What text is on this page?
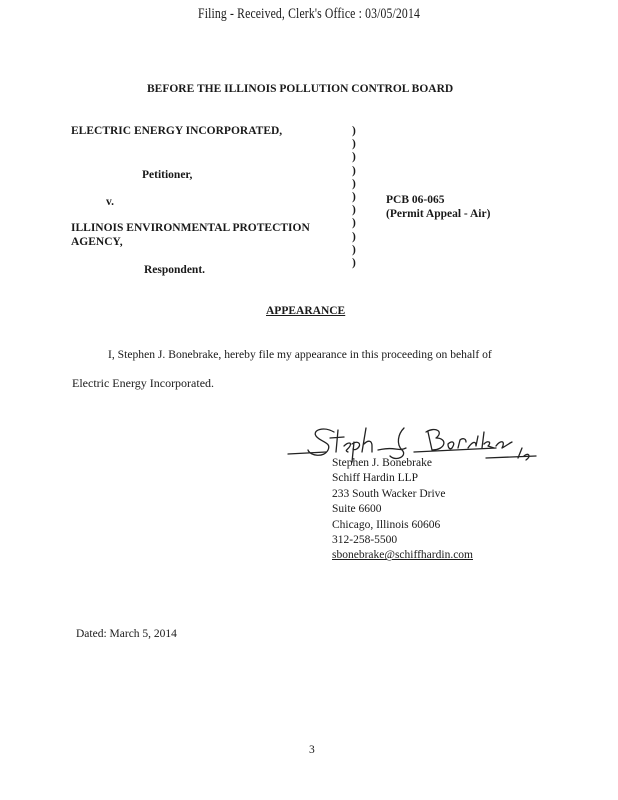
Filing - Received, Clerk's Office : 03/05/2014
BEFORE THE ILLINOIS POLLUTION CONTROL BOARD
ELECTRIC ENERGY INCORPORATED,
Petitioner,
v.
ILLINOIS ENVIRONMENTAL PROTECTION
AGENCY,
Respondent.
)
)
)
)
)
)
)
)
)
)
)
PCB 06-065
(Permit Appeal - Air)
APPEARANCE
I, Stephen J. Bonebrake, hereby file my appearance in this proceeding on behalf of
Electric Energy Incorporated.
Stephen J. Bonebrake
Schiff Hardin LLP
233 South Wacker Drive
Suite 6600
Chicago, Illinois 60606
312-258-5500
sbonebrake@schiffhardin.com
Dated: March 5, 2014
3
